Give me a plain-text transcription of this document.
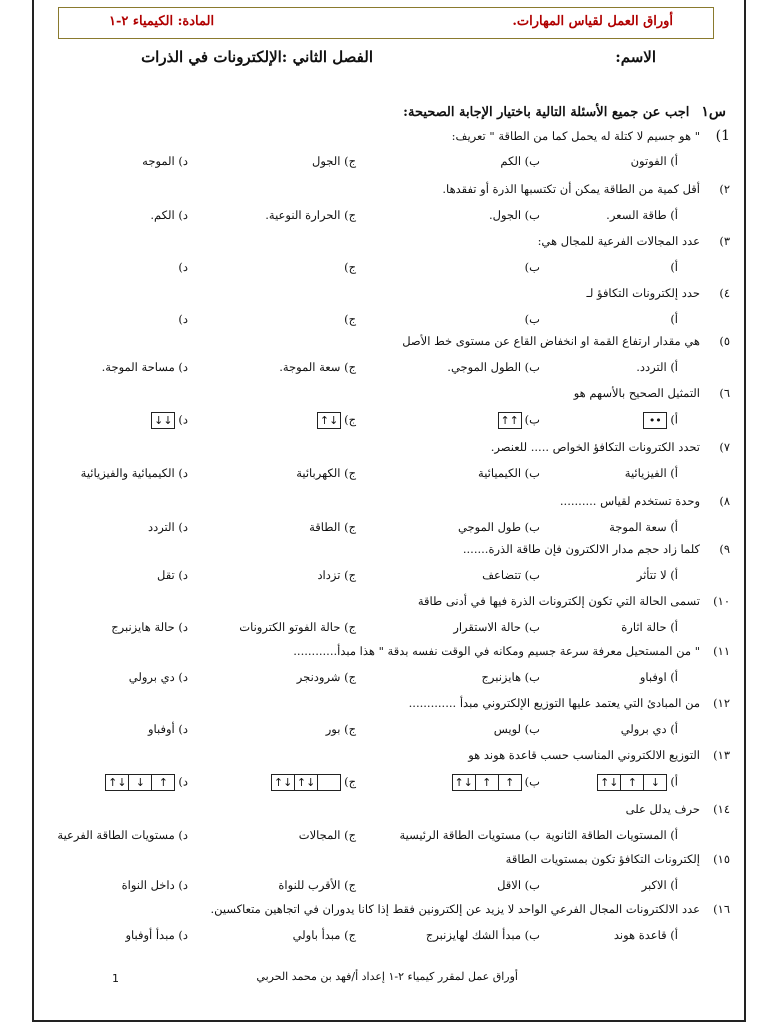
أوراق العمل لقياس المهارات.
المادة: الكيمياء ٢-١
الاسم:
الفصل الثاني :الإلكترونات في الذرات
س١اجب عن جميع الأسئلة التالية باختيار الإجابة الصحيحة:
1)" هو جسيم لا كتلة له يحمل كما من الطاقة " تعريف:
أ) الفوتون
ب) الكم
ج) الجول
د) الموجه
٢)أقل كمية من الطاقة يمكن أن تكتسبها الذرة أو تفقدها.
أ) طاقة السعر.
ب) الجول.
ج) الحرارة النوعية.
د) الكم.
٣)عدد المجالات الفرعية للمجال هي:
أ)
ب)
ج)
د)
٤)حدد إلكترونات التكافؤ لـ
أ)
ب)
ج)
د)
٥)هي مقدار ارتفاع القمة او انخفاض القاع عن مستوى خط الأصل
أ) التردد.
ب) الطول الموجي.
ج) سعة الموجة.
د) مساحة الموجة.
٦)التمثيل الصحيح بالأسهم هو
أ)
••
ب)
↑↑
ج)
↑↓
د)
↓↓
٧)تحدد الكترونات التكافؤ الخواص ..... للعنصر.
أ) الفيزيائية
ب) الكيميائية
ج) الكهربائية
د) الكيميائية والفيزيائية
٨)وحدة تستخدم لقياس ..........
أ) سعة الموجة
ب) طول الموجي
ج) الطاقة
د) التردد
٩)كلما زاد حجم مدار الالكترون فإن طاقة الذرة.......
أ) لا تتأثر
ب) تتضاعف
ج) تزداد
د) تقل
١٠)تسمى الحالة التي تكون إلكترونات الذرة فيها في أدنى طاقة
أ) حالة اثارة
ب) حالة الاستقرار
ج) حالة الفوتو الكترونات
د) حالة هايزنبرج
١١)" من المستحيل معرفة سرعة جسيم ومكانه في الوقت نفسه بدقة " هذا مبدأ............
أ) اوفباو
ب) هايزنبرج
ج) شرودنجر
د) دي برولي
١٢)من المبادئ التي يعتمد عليها التوزيع الإلكتروني مبدأ .............
أ) دي برولي
ب) لويس
ج) بور
د) أوفباو
١٣)التوزيع الالكتروني المناسب حسب قاعدة هوند هو
أ)
↑↓ ↑	↓
ب)
↑↓ ↑	↑
ج)
↑↓ ↑↓
د)
↑↓ ↓	↑
١٤)حرف يدلل على
أ) المستويات الطاقة الثانوية
ب) مستويات الطاقة الرئيسية
ج) المجالات
د) مستويات الطاقة الفرعية
١٥)إلكترونات التكافؤ تكون بمستويات الطاقة
أ) الاكبر
ب) الاقل
ج) الأقرب للنواة
د) داخل النواة
١٦)عدد الالكترونات المجال الفرعي الواحد لا يزيد عن إلكترونين فقط إذا كانا يدوران في اتجاهين متعاكسين.
أ) قاعدة هوند
ب) مبدأ الشك لهايزنبرج
ج) مبدأ باولي
د) مبدأ أوفباو
أوراق عمل لمقرر كيمياء ٢-١ إعداد أ/فهد بن محمد الحربي
1
